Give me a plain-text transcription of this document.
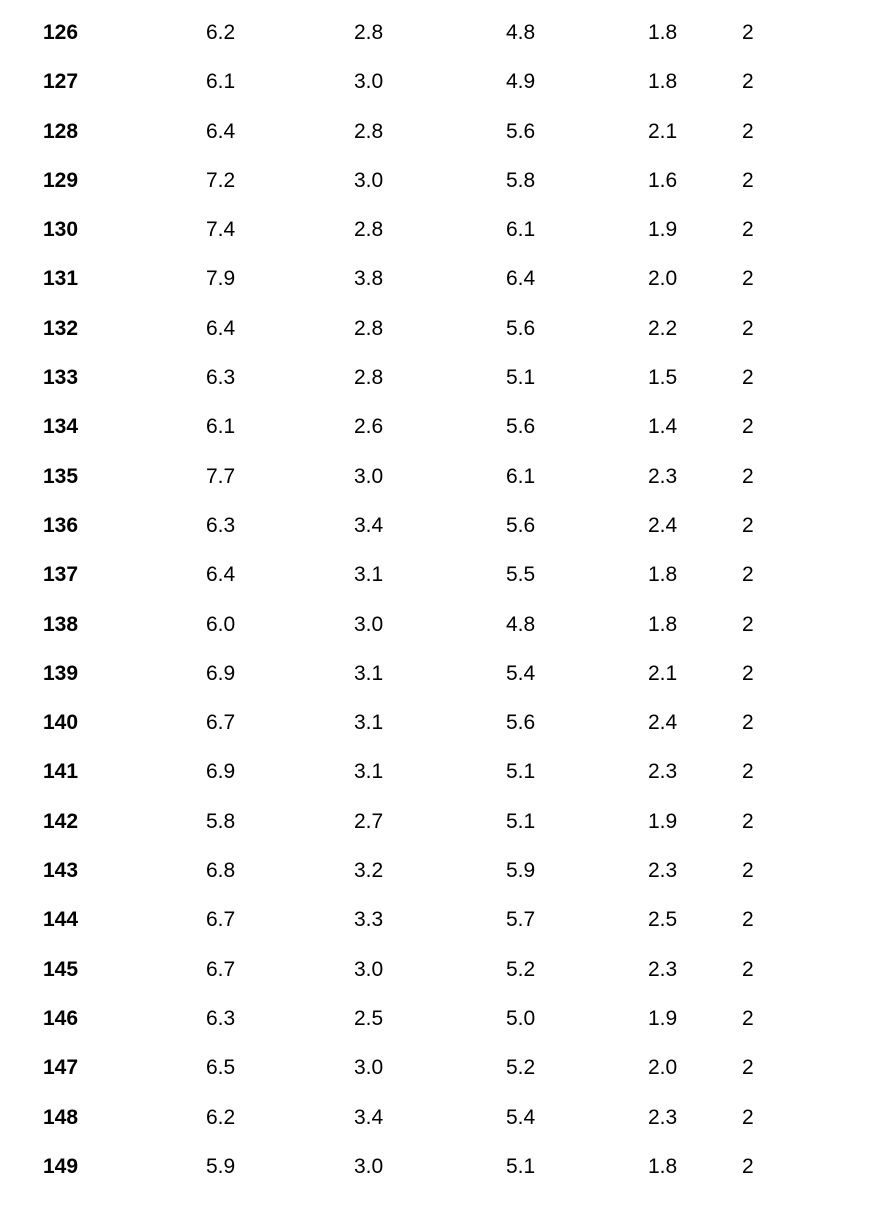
126	6.2	2.8	4.8	1.8	2
127	6.1	3.0	4.9	1.8	2
128	6.4	2.8	5.6	2.1	2
129	7.2	3.0	5.8	1.6	2
130	7.4	2.8	6.1	1.9	2
131	7.9	3.8	6.4	2.0	2
132	6.4	2.8	5.6	2.2	2
133	6.3	2.8	5.1	1.5	2
134	6.1	2.6	5.6	1.4	2
135	7.7	3.0	6.1	2.3	2
136	6.3	3.4	5.6	2.4	2
137	6.4	3.1	5.5	1.8	2
138	6.0	3.0	4.8	1.8	2
139	6.9	3.1	5.4	2.1	2
140	6.7	3.1	5.6	2.4	2
141	6.9	3.1	5.1	2.3	2
142	5.8	2.7	5.1	1.9	2
143	6.8	3.2	5.9	2.3	2
144	6.7	3.3	5.7	2.5	2
145	6.7	3.0	5.2	2.3	2
146	6.3	2.5	5.0	1.9	2
147	6.5	3.0	5.2	2.0	2
148	6.2	3.4	5.4	2.3	2
149	5.9	3.0	5.1	1.8	2
